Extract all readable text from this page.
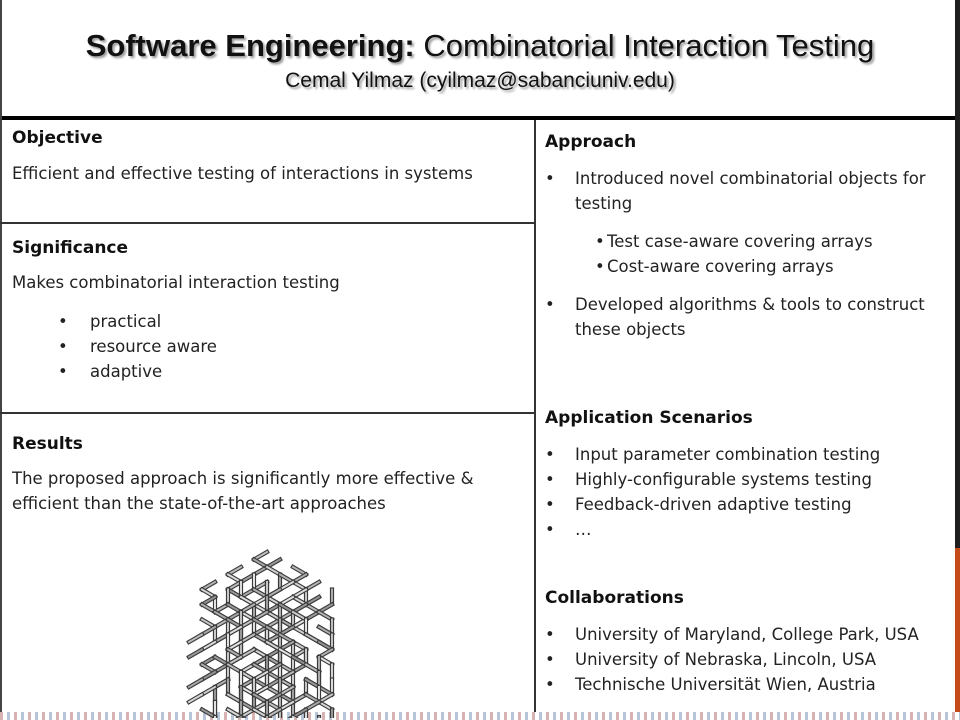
Software Engineering: Combinatorial Interaction Testing
Cemal Yilmaz (cyilmaz@sabanciuniv.edu)
Objective
Efficient and effective testing of interactions in systems
Significance
Makes combinatorial interaction testing
• practical
• resource aware
• adaptive
Results
The proposed approach is significantly more effective &
efficient than the state-of-the-art approaches
Approach
• Introduced novel combinatorial objects for
testing
• Test case-aware covering arrays
• Cost-aware covering arrays
• Developed algorithms & tools to construct
these objects
Application Scenarios
• Input parameter combination testing
• Highly-configurable systems testing
• Feedback-driven adaptive testing
• …
Collaborations
• University of Maryland, College Park, USA
• University of Nebraska, Lincoln, USA
• Technische Universität Wien, Austria
